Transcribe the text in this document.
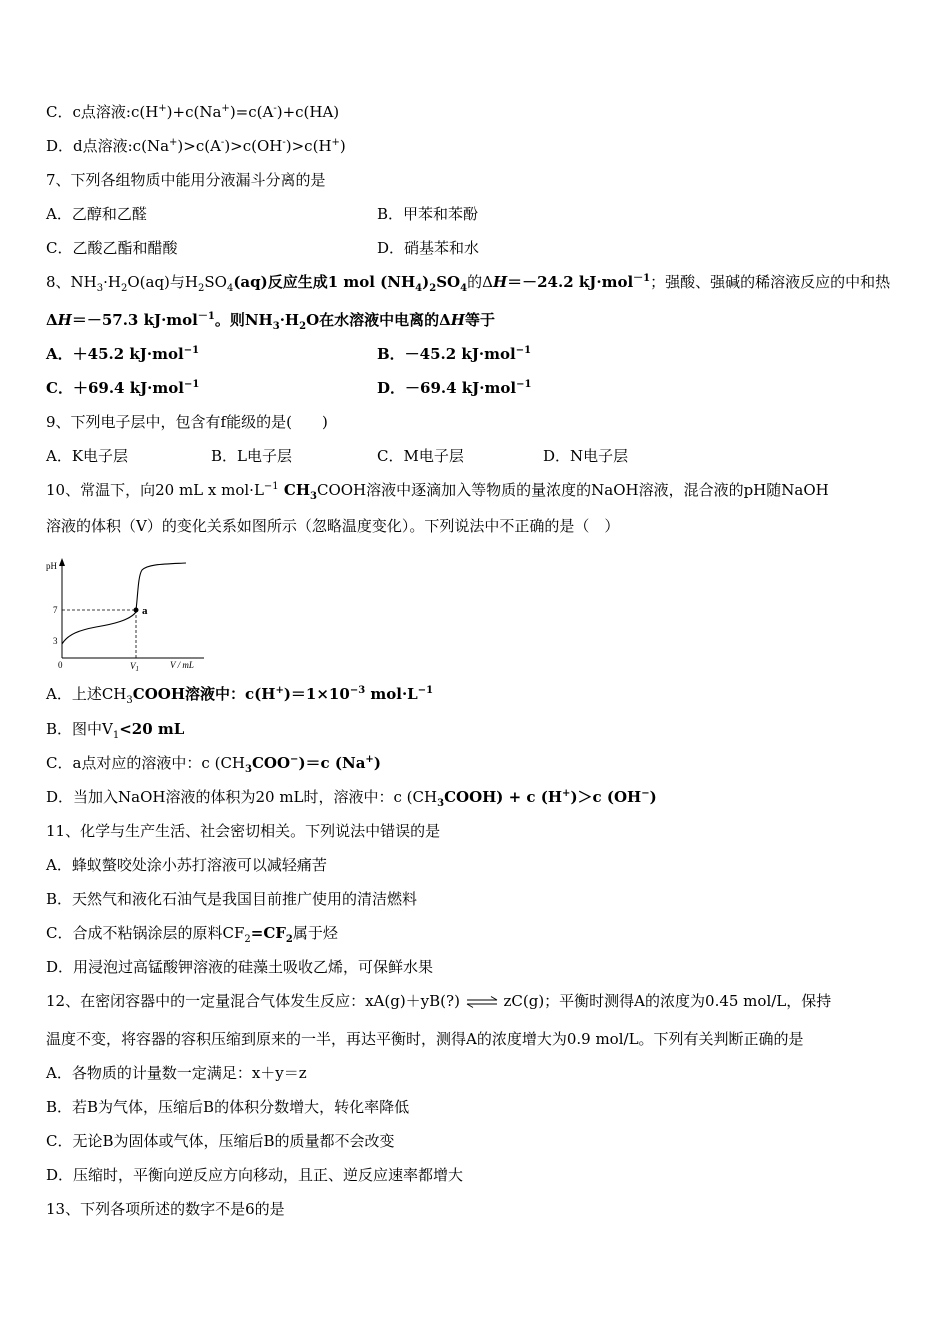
C．c点溶液:c(H+)+c(Na+)=c(A-)+c(HA)
D．d点溶液:c(Na+)>c(A-)>c(OH-)>c(H+)
7、下列各组物质中能用分液漏斗分离的是
A．乙醇和乙醛	B．甲苯和苯酚
C．乙酸乙酯和醋酸	D．硝基苯和水
8、$NH_3\cdot H_2O(aq)$与$H_2SO_4(aq)$反应生成1 mol $(NH_4)_2SO_4$的ΔH＝－24.2 kJ·mol$^{-1}$；强酸、强碱的稀溶液反应的中和热
ΔH＝－57.3 kJ·mol$^{-1}$。则$NH_3\cdot H_2O$在水溶液中电离的ΔH等于
A．＋45.2 kJ·mol$^{-1}$	B．－45.2 kJ·mol$^{-1}$
C．＋69.4 kJ·mol$^{-1}$	D．－69.4 kJ·mol$^{-1}$
9、下列电子层中，包含有f能级的是(　　)
A．K电子层	B．L电子层	C．M电子层	D．N电子层
10、常温下，向20 mL x $mol\cdot L^{-1}$ $CH_3COOH$溶液中逐滴加入等物质的量浓度的NaOH溶液，混合液的pH随NaOH
溶液的体积（V）的变化关系如图所示（忽略温度变化）。下列说法中不正确的是（　）
a
pH
7
3
0	$V_1$	V / mL
A．上述$CH_3COOH$溶液中：$c(H^+)=1\times 10^{-3}$ $mol\cdot L^{-1}$
B．图中$V_1<20$ mL
C．a点对应的溶液中：c $(CH_3COO^-)=c$ (Na+)
D．当加入NaOH溶液的体积为20 mL时，溶液中：c $(CH_3COOH) + c$ (H+)＞c (OH−)
11、化学与生产生活、社会密切相关。下列说法中错误的是
A．蜂蚁螫咬处涂小苏打溶液可以减轻痛苦
B．天然气和液化石油气是我国目前推广使用的清洁燃料
C．合成不粘锅涂层的原料$CF_2=CF_2$属于烃
D．用浸泡过高锰酸钾溶液的硅藻土吸收乙烯，可保鲜水果
12、在密闭容器中的一定量混合气体发生反应：xA(g)＋yB(?) ⇌ zC(g)；平衡时测得A的浓度为0.45 mol/L，保持
温度不变，将容器的容积压缩到原来的一半，再达平衡时，测得A的浓度增大为0.9 mol/L。下列有关判断正确的是
A．各物质的计量数一定满足：x＋y＝z
B．若B为气体，压缩后B的体积分数增大，转化率降低
C．无论B为固体或气体，压缩后B的质量都不会改变
D．压缩时，平衡向逆反应方向移动，且正、逆反应速率都增大
13、下列各项所述的数字不是6的是
